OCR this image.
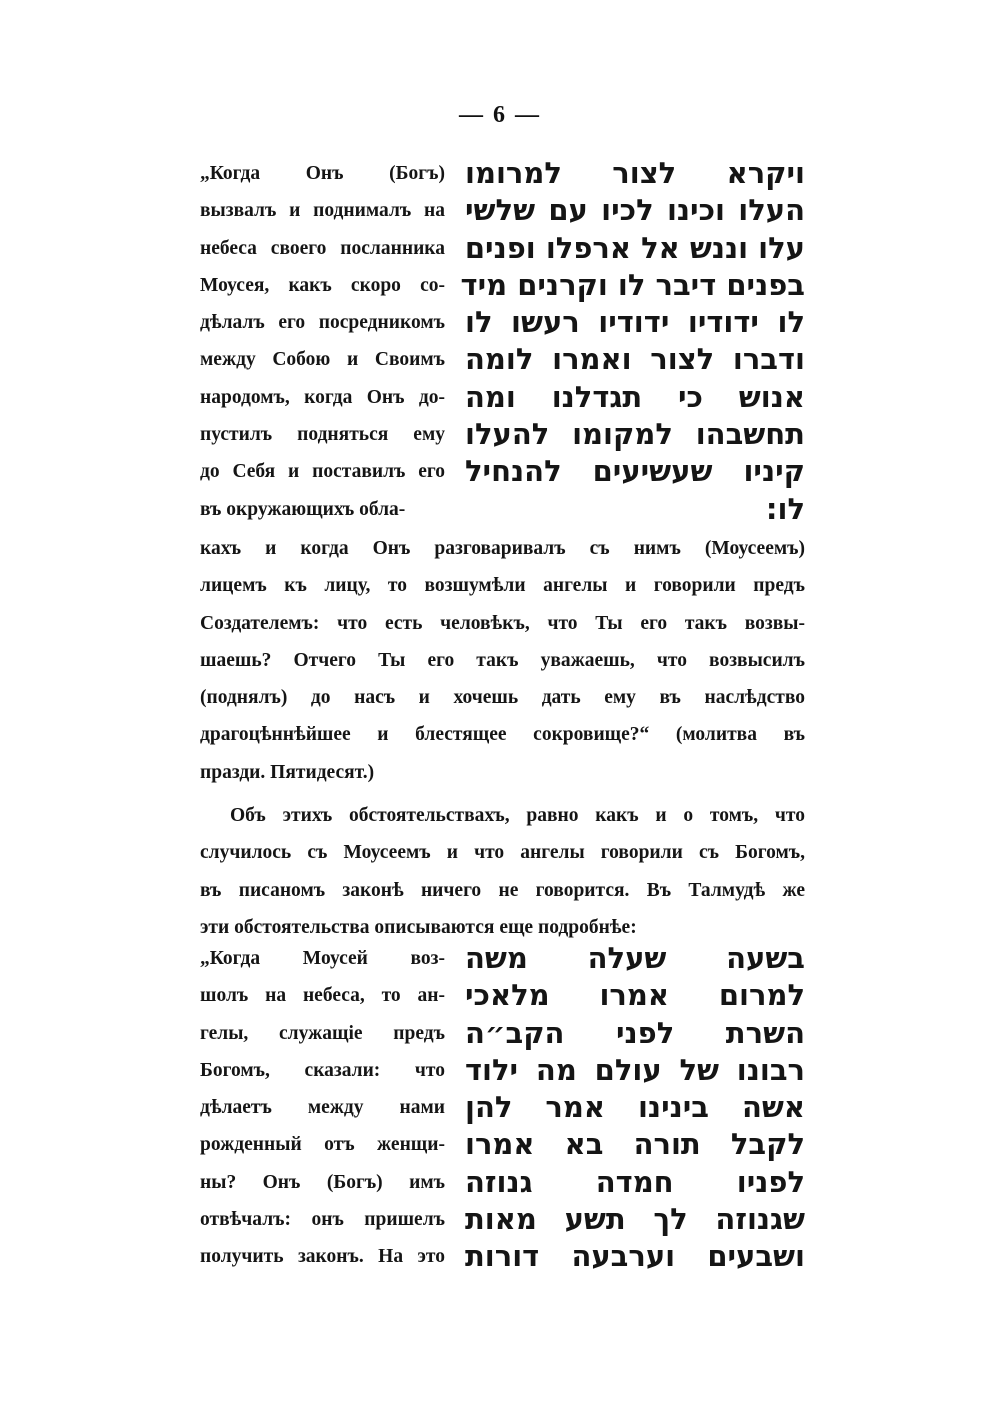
— 6 —
„Когда Онъ (Богъ)
вызвалъ и поднималъ на
небеса своего посланника
Моусея, какъ скоро со-
дѣлалъ его посредникомъ
между Собою и Своимъ
народомъ, когда Онъ до-
пустилъ подняться ему
до Себя и поставилъ его
въ окружающихъ обла-
ויקרא לצור למרומו
העלו וכינו לכיו עם שלשי
עלו וננש אל ארפלו ופנים
בפנים דיבר לו וקרנים מיד
לו ידודיו ידודיו רעשו לו
ודברו לצור ואמרו לומה
אנוש כי תגדלנו ומה
תחשבהו למקומו להעלו
קיניו שעשיעים להנחיל
לו:
кахъ и когда Онъ разговаривалъ съ нимъ (Моусеемъ)
лицемъ къ лицу, то возшумѣли ангелы и говорили предъ
Создателемъ: что есть человѣкъ, что Ты его такъ возвы-
шаешь? Отчего Ты его такъ уважаешь, что возвысилъ
(поднялъ) до насъ и хочешь дать ему въ наслѣдство
драгоцѣннѣйшее и блестящее сокровище?“ (молитва въ
празди. Пятидесят.)
Объ этихъ обстоятельствахъ, равно какъ и о томъ, что
случилось съ Моусеемъ и что ангелы говорили съ Богомъ,
въ писаномъ законѣ ничего не говорится. Въ Талмудѣ же
эти обстоятельства описываются еще подробнѣе:
„Когда Моусей воз-
шолъ на небеса, то ан-
гелы, служащіе предъ
Богомъ, сказали: что
дѣлаетъ между нами
рожденный отъ женщи-
ны? Онъ (Богъ) имъ
отвѣчалъ: онъ пришелъ
получить законъ. На это
בשעה שעלה משה
למרום אמרו מלאכי
השרת לפני הקב״ה
רבונו של עולם מה ילוד
אשה בינינו אמר להן
לקבל תורה בא אמרו
לפניו חמדה גנוזה
שגנוזה לך תשע מאות
ושבעים וערבעה דורות
